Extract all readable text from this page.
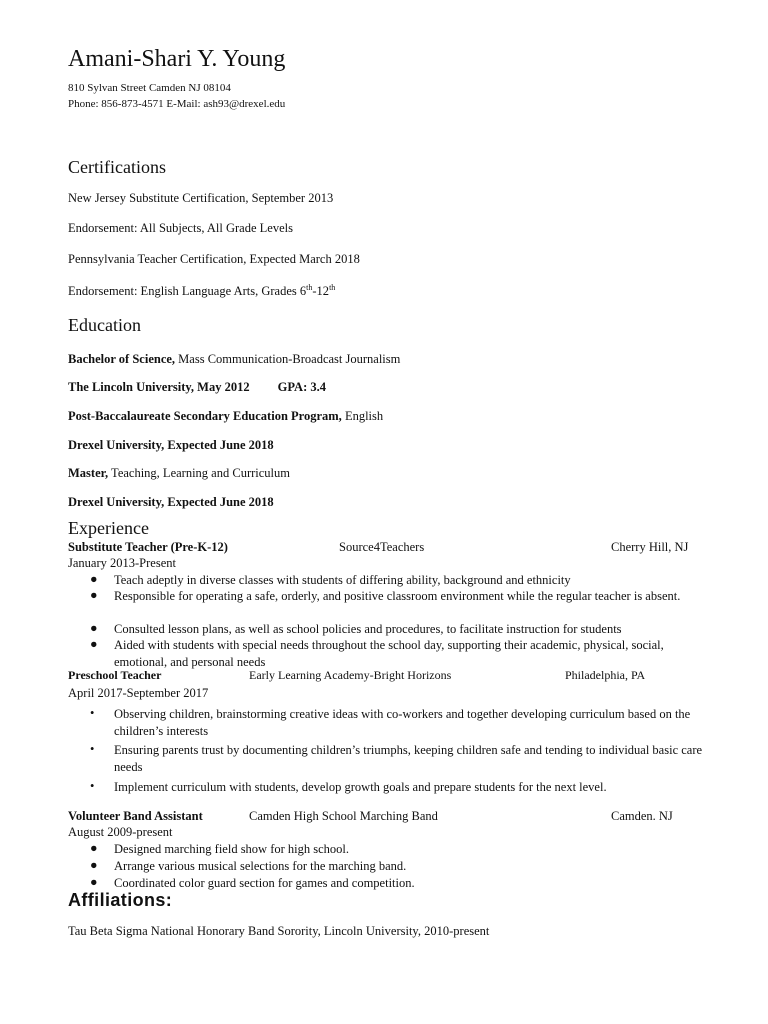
Amani-Shari Y. Young
810 Sylvan Street Camden NJ 08104
Phone: 856-873-4571 E-Mail: ash93@drexel.edu
Certifications
New Jersey Substitute Certification, September 2013
Endorsement: All Subjects, All Grade Levels
Pennsylvania Teacher Certification, Expected March 2018
Endorsement: English Language Arts, Grades 6th-12th
Education
Bachelor of Science, Mass Communication-Broadcast Journalism
The Lincoln University, May 2012 GPA: 3.4
Post-Baccalaureate Secondary Education Program, English
Drexel University, Expected June 2018
Master, Teaching, Learning and Curriculum
Drexel University, Expected June 2018
Experience
Substitute Teacher (Pre-K-12)	Source4Teachers	Cherry Hill, NJ
January 2013-Present
●	Teach adeptly in diverse classes with students of differing ability, background and ethnicity
●	Responsible for operating a safe, orderly, and positive classroom environment while the regular teacher is absent.
●	Consulted lesson plans, as well as school policies and procedures, to facilitate instruction for students
●	Aided with students with special needs throughout the school day, supporting their academic, physical, social, emotional, and personal needs
Preschool Teacher	Early Learning Academy-Bright Horizons	Philadelphia, PA
April 2017-September 2017
•	Observing children, brainstorming creative ideas with co-workers and together developing curriculum based on the children’s interests
•	Ensuring parents trust by documenting children’s triumphs, keeping children safe and tending to individual basic care needs
•	Implement curriculum with students, develop growth goals and prepare students for the next level.
Volunteer Band Assistant	Camden High School Marching Band	Camden. NJ
August 2009-present
●	Designed marching field show for high school.
●	Arrange various musical selections for the marching band.
●	Coordinated color guard section for games and competition.
Affiliations:
Tau Beta Sigma National Honorary Band Sorority, Lincoln University, 2010-present
